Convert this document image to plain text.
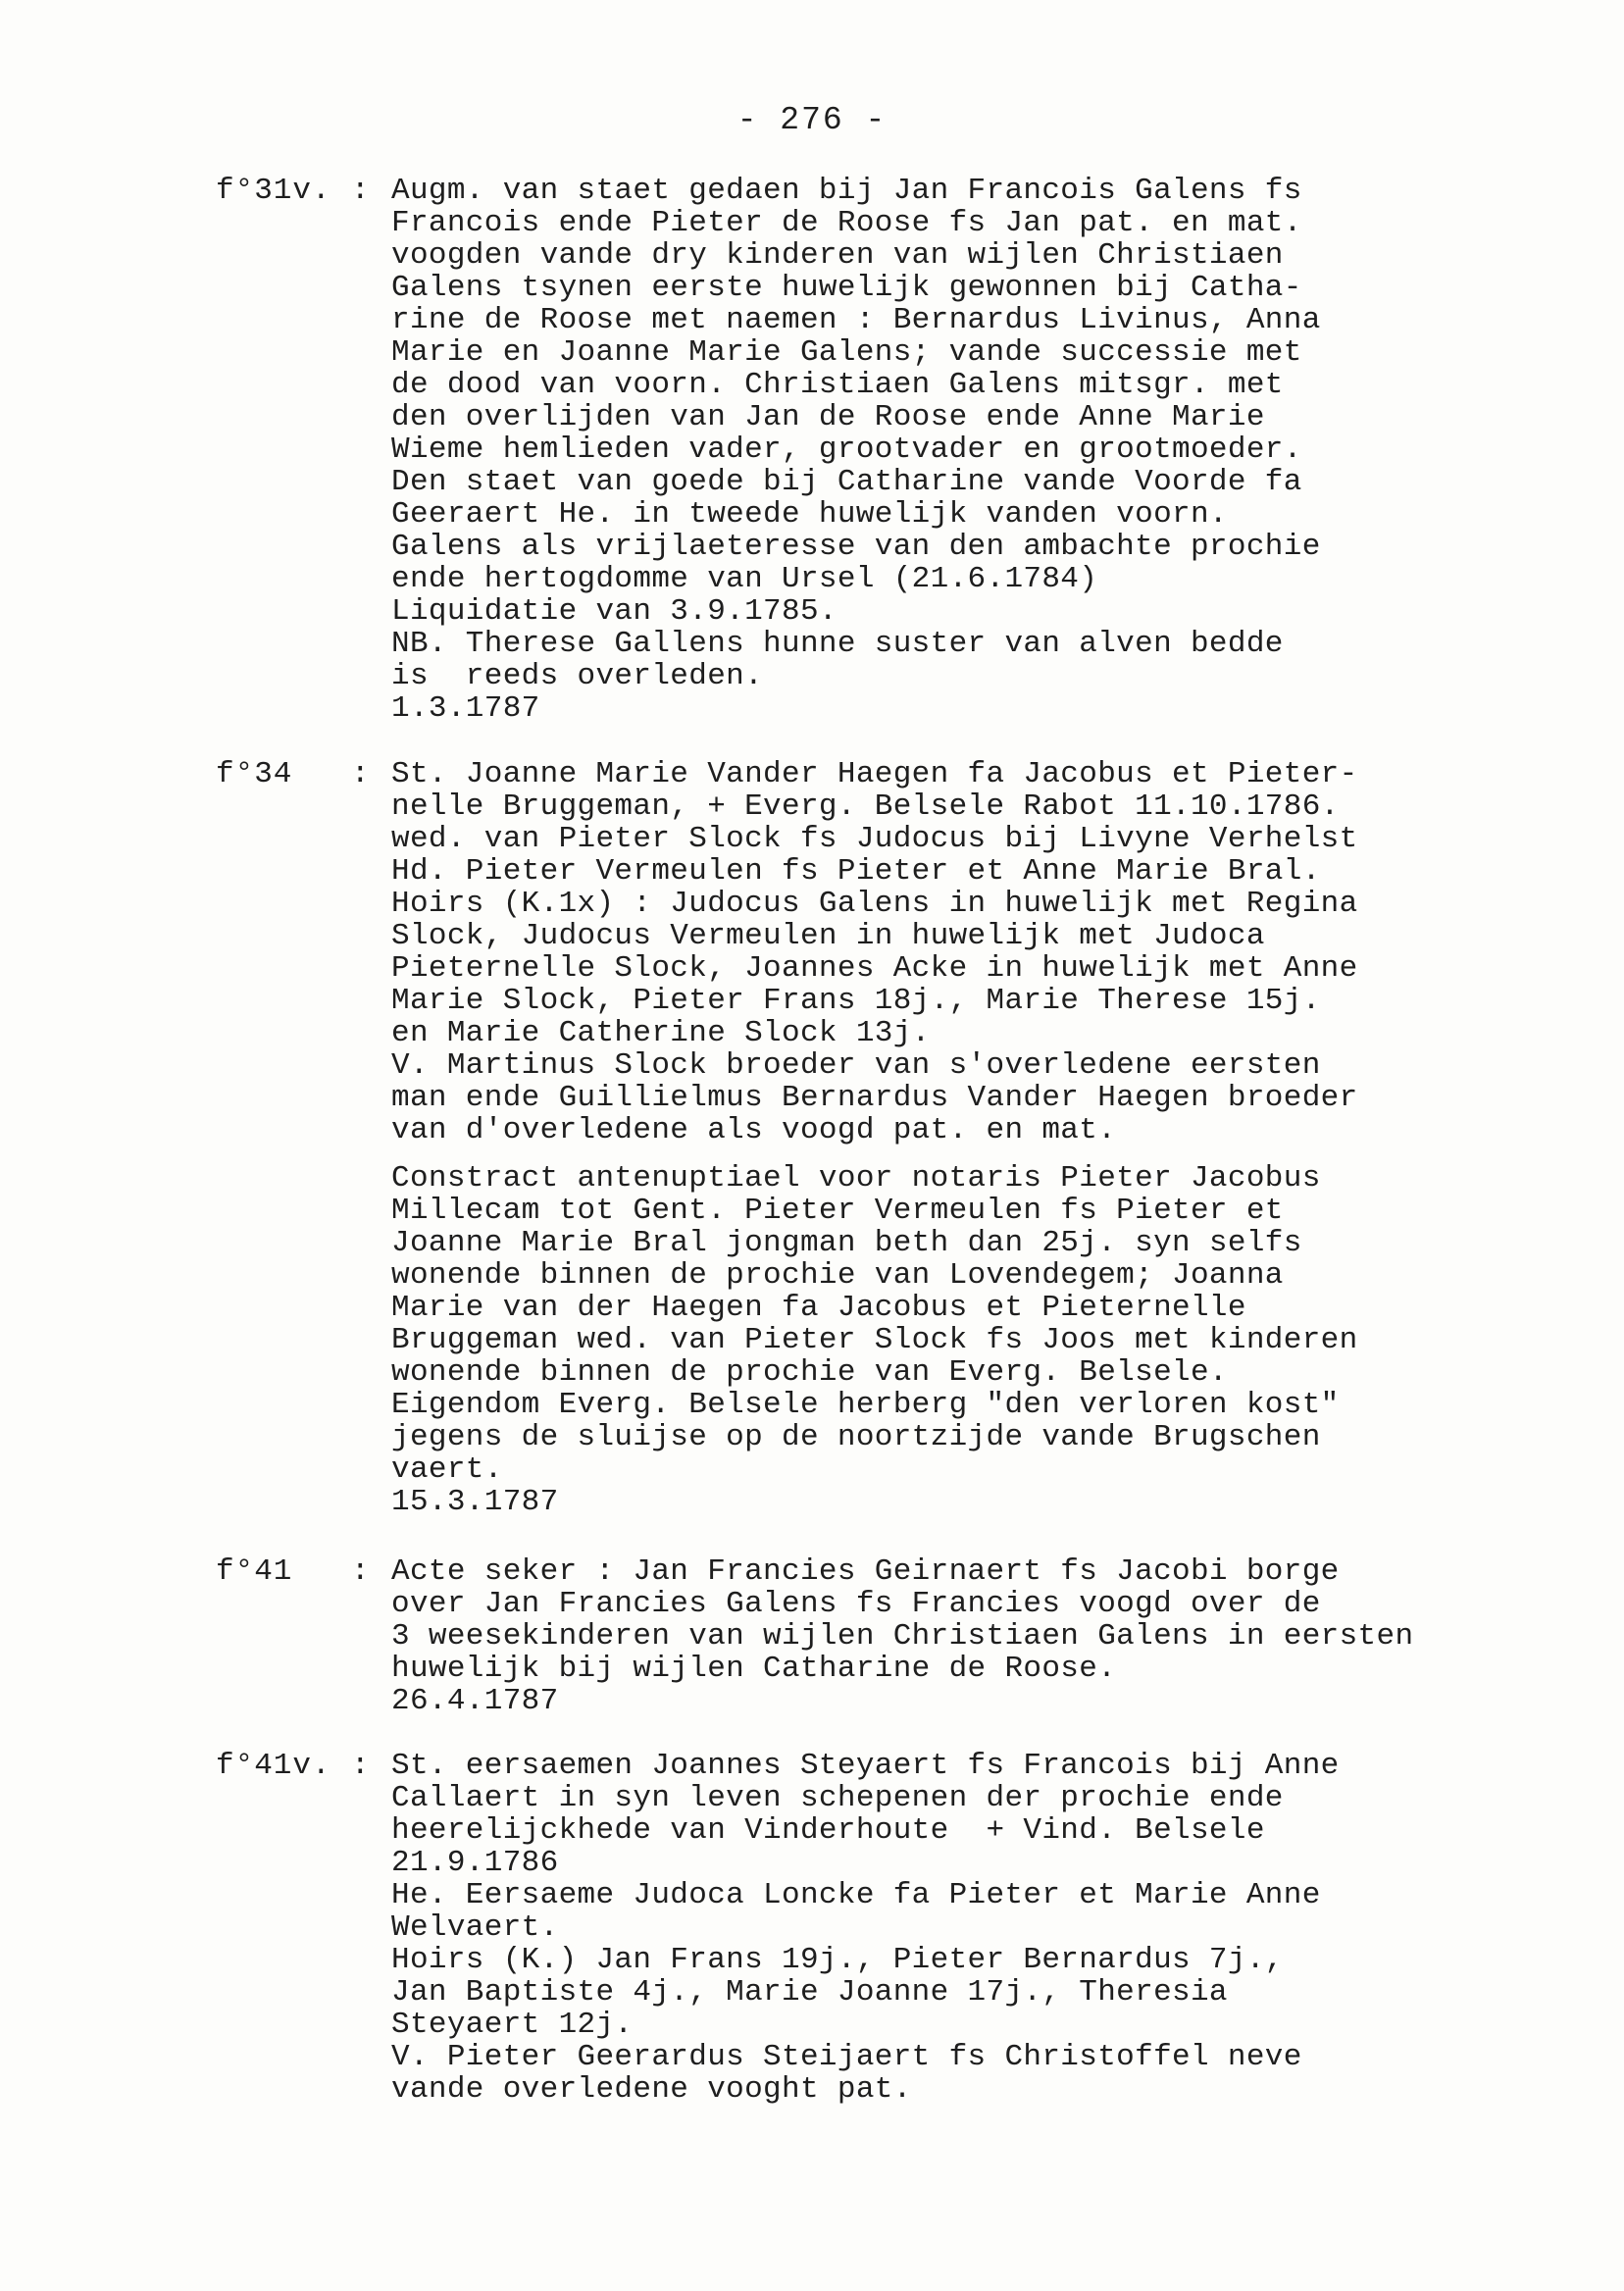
- 276 -
f°31v. : Augm. van staet gedaen bij Jan Francois Galens fs
Francois ende Pieter de Roose fs Jan pat. en mat.
voogden vande dry kinderen van wijlen Christiaen
Galens tsynen eerste huwelijk gewonnen bij Catha-
rine de Roose met naemen : Bernardus Livinus, Anna
Marie en Joanne Marie Galens; vande successie met
de dood van voorn. Christiaen Galens mitsgr. met
den overlijden van Jan de Roose ende Anne Marie
Wieme hemlieden vader, grootvader en grootmoeder.
Den staet van goede bij Catharine vande Voorde fa
Geeraert He. in tweede huwelijk vanden voorn.
Galens als vrijlaeteresse van den ambachte prochie
ende hertogdomme van Ursel (21.6.1784)
Liquidatie van 3.9.1785.
NB. Therese Gallens hunne suster van alven bedde
is  reeds overleden.
1.3.1787
f°34 : St. Joanne Marie Vander Haegen fa Jacobus et Pieter-
nelle Bruggeman, + Everg. Belsele Rabot 11.10.1786.
wed. van Pieter Slock fs Judocus bij Livyne Verhelst
Hd. Pieter Vermeulen fs Pieter et Anne Marie Bral.
Hoirs (K.1x) : Judocus Galens in huwelijk met Regina
Slock, Judocus Vermeulen in huwelijk met Judoca
Pieternelle Slock, Joannes Acke in huwelijk met Anne
Marie Slock, Pieter Frans 18j., Marie Therese 15j.
en Marie Catherine Slock 13j.
V. Martinus Slock broeder van s'overledene eersten
man ende Guillielmus Bernardus Vander Haegen broeder
van d'overledene als voogd pat. en mat.
Constract antenuptiael voor notaris Pieter Jacobus
Millecam tot Gent. Pieter Vermeulen fs Pieter et
Joanne Marie Bral jongman beth dan 25j. syn selfs
wonende binnen de prochie van Lovendegem; Joanna
Marie van der Haegen fa Jacobus et Pieternelle
Bruggeman wed. van Pieter Slock fs Joos met kinderen
wonende binnen de prochie van Everg. Belsele.
Eigendom Everg. Belsele herberg "den verloren kost"
jegens de sluijse op de noortzijde vande Brugschen
vaert.
15.3.1787
f°41 : Acte seker : Jan Francies Geirnaert fs Jacobi borge
over Jan Francies Galens fs Francies voogd over de
3 weesekinderen van wijlen Christiaen Galens in eersten
huwelijk bij wijlen Catharine de Roose.
26.4.1787
f°41v. : St. eersaemen Joannes Steyaert fs Francois bij Anne
Callaert in syn leven schepenen der prochie ende
heerelijckhede van Vinderhoute  + Vind. Belsele
21.9.1786
He. Eersaeme Judoca Loncke fa Pieter et Marie Anne
Welvaert.
Hoirs (K.) Jan Frans 19j., Pieter Bernardus 7j.,
Jan Baptiste 4j., Marie Joanne 17j., Theresia
Steyaert 12j.
V. Pieter Geerardus Steijaert fs Christoffel neve
vande overledene vooght pat.
